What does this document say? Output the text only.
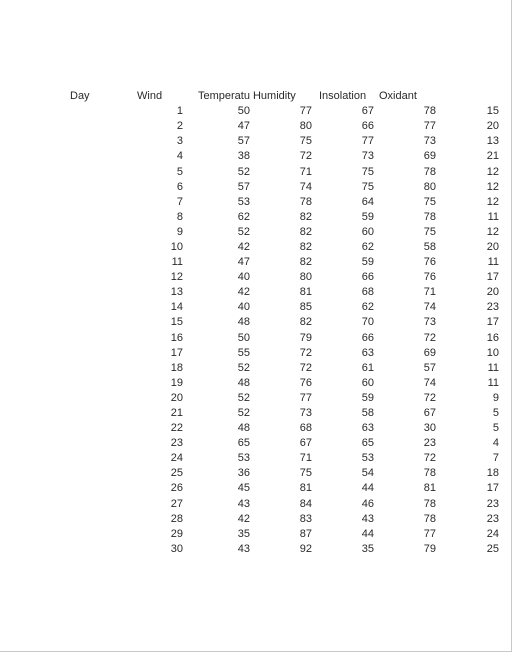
Day	Wind	Temperatu	Humidity	Insolation	Oxidant	
	1	50	77	67	78	15
	2	47	80	66	77	20
	3	57	75	77	73	13
	4	38	72	73	69	21
	5	52	71	75	78	12
	6	57	74	75	80	12
	7	53	78	64	75	12
	8	62	82	59	78	11
	9	52	82	60	75	12
	10	42	82	62	58	20
	11	47	82	59	76	11
	12	40	80	66	76	17
	13	42	81	68	71	20
	14	40	85	62	74	23
	15	48	82	70	73	17
	16	50	79	66	72	16
	17	55	72	63	69	10
	18	52	72	61	57	11
	19	48	76	60	74	11
	20	52	77	59	72	9
	21	52	73	58	67	5
	22	48	68	63	30	5
	23	65	67	65	23	4
	24	53	71	53	72	7
	25	36	75	54	78	18
	26	45	81	44	81	17
	27	43	84	46	78	23
	28	42	83	43	78	23
	29	35	87	44	77	24
	30	43	92	35	79	25
